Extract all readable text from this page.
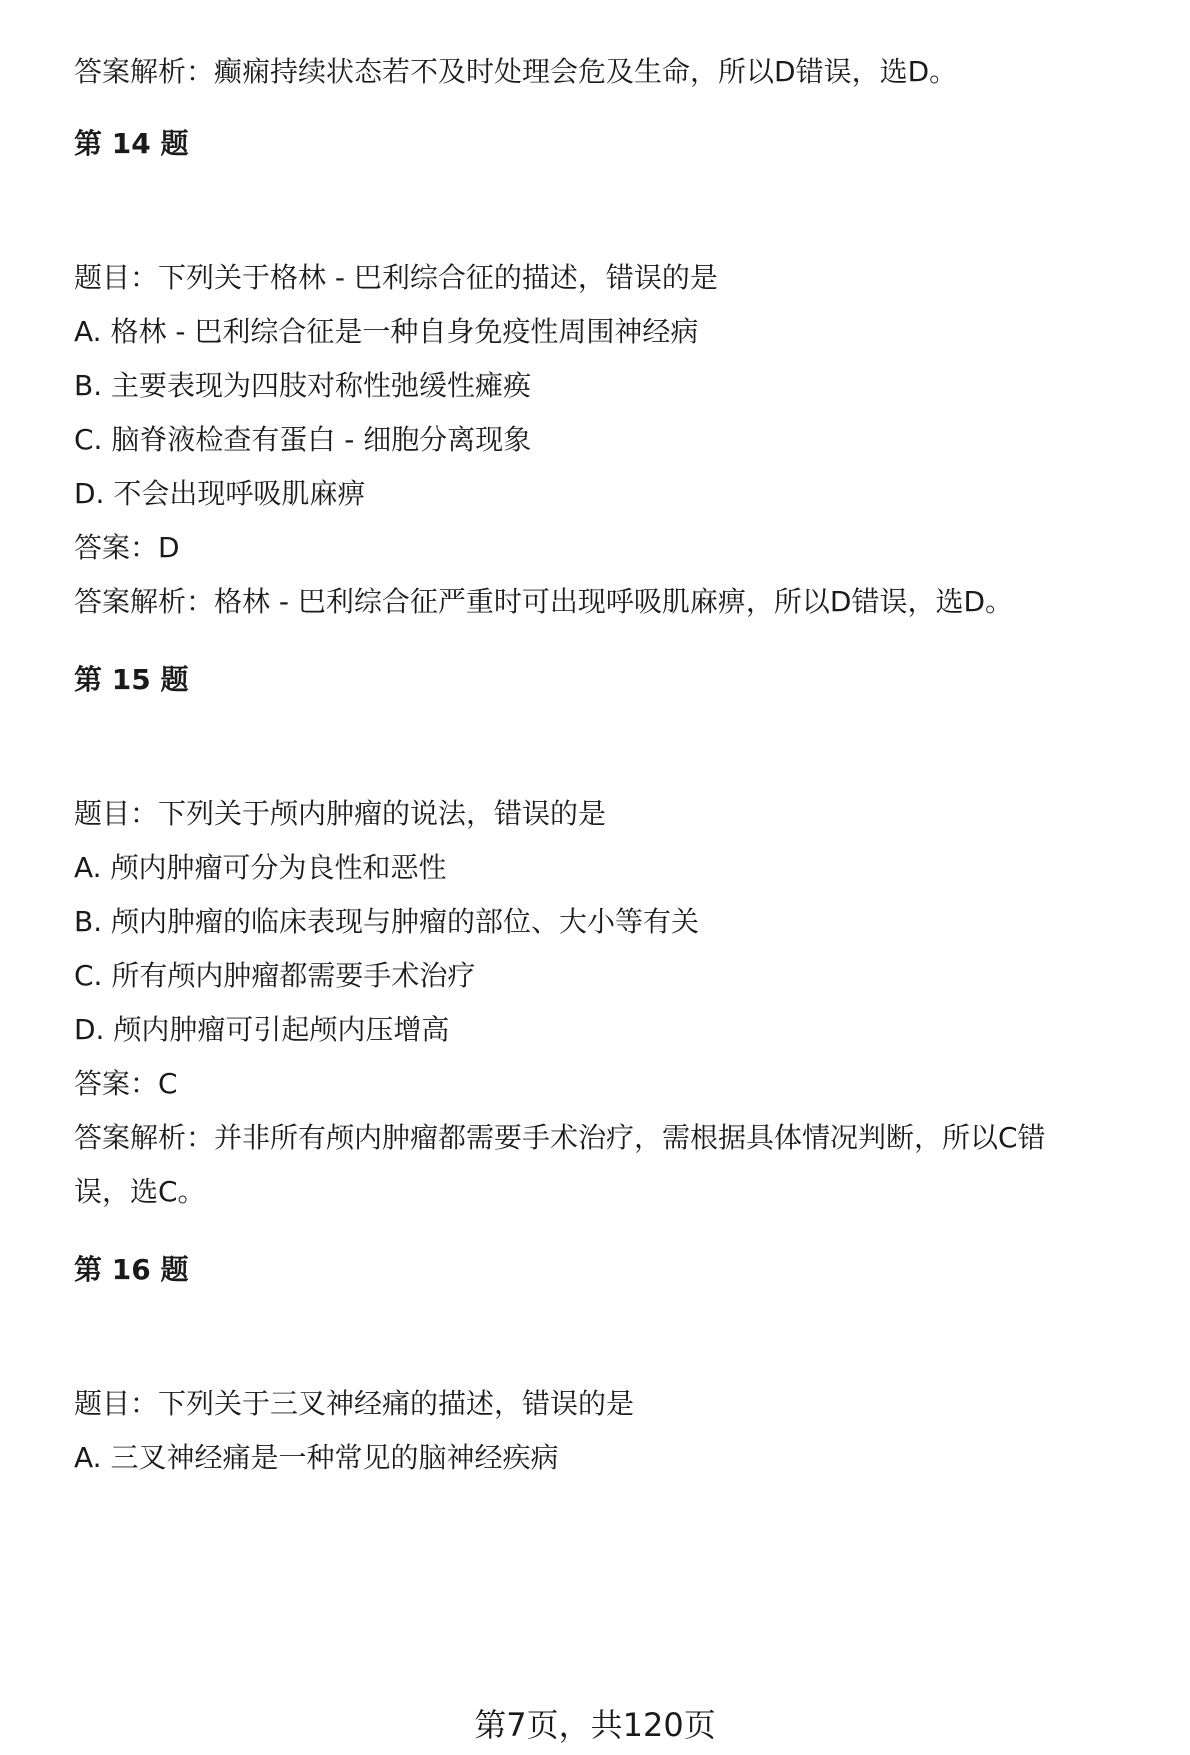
答案解析：癫痫持续状态若不及时处理会危及生命，所以D错误，选D。
第 14 题
题目：下列关于格林 - 巴利综合征的描述，错误的是
A. 格林 - 巴利综合征是一种自身免疫性周围神经病
B. 主要表现为四肢对称性弛缓性瘫痪
C. 脑脊液检查有蛋白 - 细胞分离现象
D. 不会出现呼吸肌麻痹
答案：D
答案解析：格林 - 巴利综合征严重时可出现呼吸肌麻痹，所以D错误，选D。
第 15 题
题目：下列关于颅内肿瘤的说法，错误的是
A. 颅内肿瘤可分为良性和恶性
B. 颅内肿瘤的临床表现与肿瘤的部位、大小等有关
C. 所有颅内肿瘤都需要手术治疗
D. 颅内肿瘤可引起颅内压增高
答案：C
答案解析：并非所有颅内肿瘤都需要手术治疗，需根据具体情况判断，所以C错
误，选C。
第 16 题
题目：下列关于三叉神经痛的描述，错误的是
A. 三叉神经痛是一种常见的脑神经疾病
第7页，共120页
